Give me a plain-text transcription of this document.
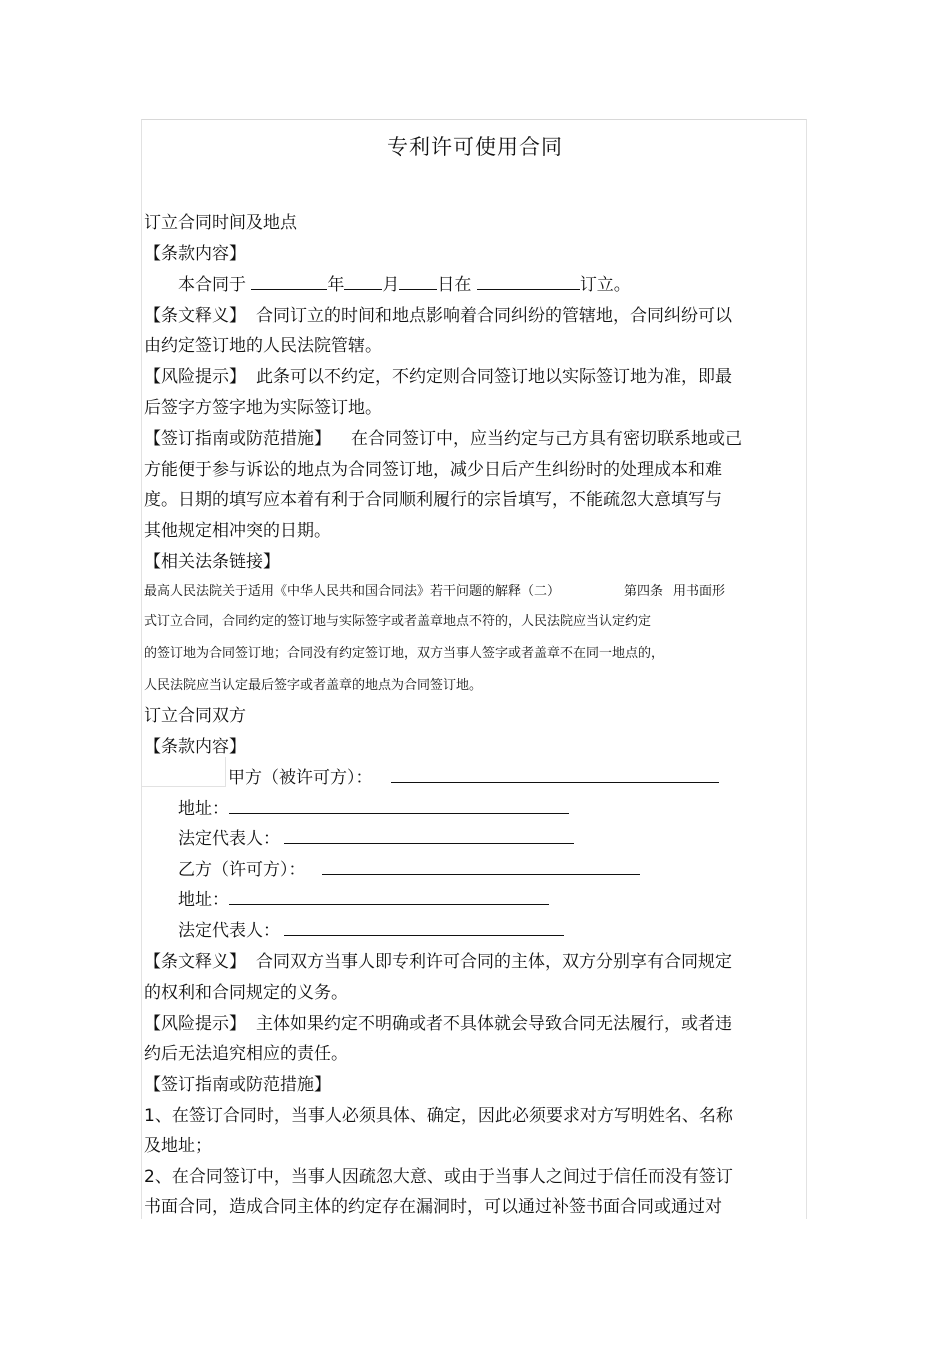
专利许可使用合同
订立合同时间及地点
【条款内容】
本合同于	年 月 日在	订立。
【条文释义】 合同订立的时间和地点影响着合同纠纷的管辖地，合同纠纷可以
由约定签订地的人民法院管辖。
【风险提示】 此条可以不约定，不约定则合同签订地以实际签订地为准，即最
后签字方签字地为实际签订地。
【签订指南或防范措施】 在合同签订中，应当约定与己方具有密切联系地或己
方能便于参与诉讼的地点为合同签订地，减少日后产生纠纷时的处理成本和难
度。日期的填写应本着有利于合同顺利履行的宗旨填写，不能疏忽大意填写与
其他规定相冲突的日期。
【相关法条链接】
最高人民法院关于适用《中华人民共和国合同法》若干问题的解释（二）	第四条 用书面形
式订立合同，合同约定的签订地与实际签字或者盖章地点不符的，人民法院应当认定约定
的签订地为合同签订地；合同没有约定签订地，双方当事人签字或者盖章不在同一地点的，
人民法院应当认定最后签字或者盖章的地点为合同签订地。
订立合同双方
【条款内容】
甲方（被许可方）：
地址：
法定代表人：
乙方（许可方）：
地址：
法定代表人：
【条文释义】 合同双方当事人即专利许可合同的主体，双方分别享有合同规定
的权利和合同规定的义务。
【风险提示】 主体如果约定不明确或者不具体就会导致合同无法履行，或者违
约后无法追究相应的责任。
【签订指南或防范措施】
1、在签订合同时，当事人必须具体、确定，因此必须要求对方写明姓名、名称
及地址；
2、在合同签订中，当事人因疏忽大意、或由于当事人之间过于信任而没有签订
书面合同，造成合同主体的约定存在漏洞时，可以通过补签书面合同或通过对
